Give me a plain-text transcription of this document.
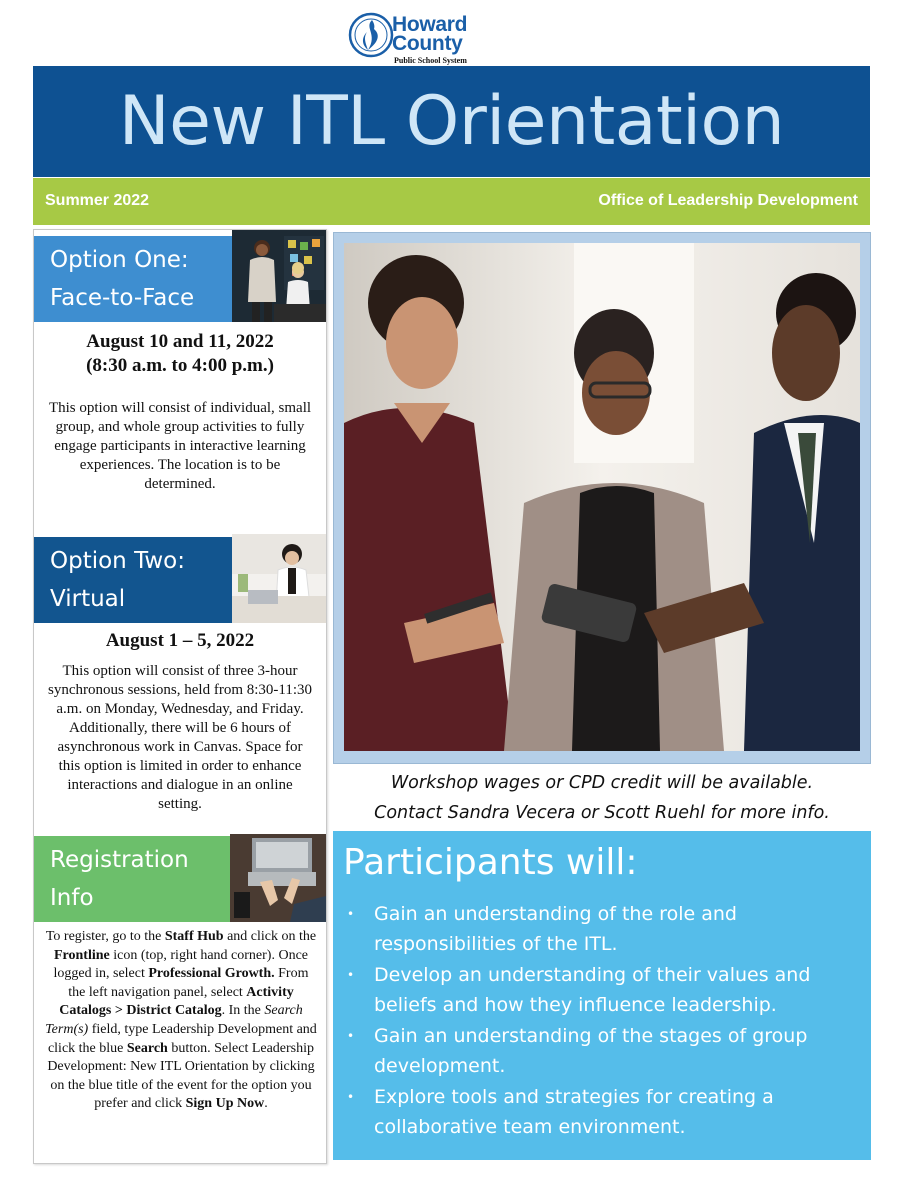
Howard
County
Public School System
New ITL Orientation
Summer 2022	Office of Leadership Development
Option One:
Face-to-Face
August 10 and 11, 2022
(8:30 a.m. to 4:00 p.m.)
This option will consist of individual, small group, and whole group activities to fully engage participants in interactive learning experiences. The location is to be determined.
Option Two:
Virtual
August 1 – 5, 2022
This option will consist of three 3-hour synchronous sessions, held from 8:30-11:30 a.m. on Monday, Wednesday, and Friday. Additionally, there will be 6 hours of asynchronous work in Canvas. Space for this option is limited in order to enhance interactions and dialogue in an online setting.
Registration
Info
To register, go to the Staff Hub and click on the Frontline icon (top, right hand corner). Once logged in, select Professional Growth. From the left navigation panel, select Activity Catalogs > District Catalog. In the Search Term(s) field, type Leadership Development and click the blue Search button. Select Leadership Development: New ITL Orientation by clicking on the blue title of the event for the option you prefer and click Sign Up Now.
Workshop wages or CPD credit will be available.
Contact Sandra Vecera or Scott Ruehl for more info.
Participants will:
• Gain an understanding of the role and responsibilities of the ITL.
• Develop an understanding of their values and beliefs and how they influence leadership.
• Gain an understanding of the stages of group development.
• Explore tools and strategies for creating a collaborative team environment.
